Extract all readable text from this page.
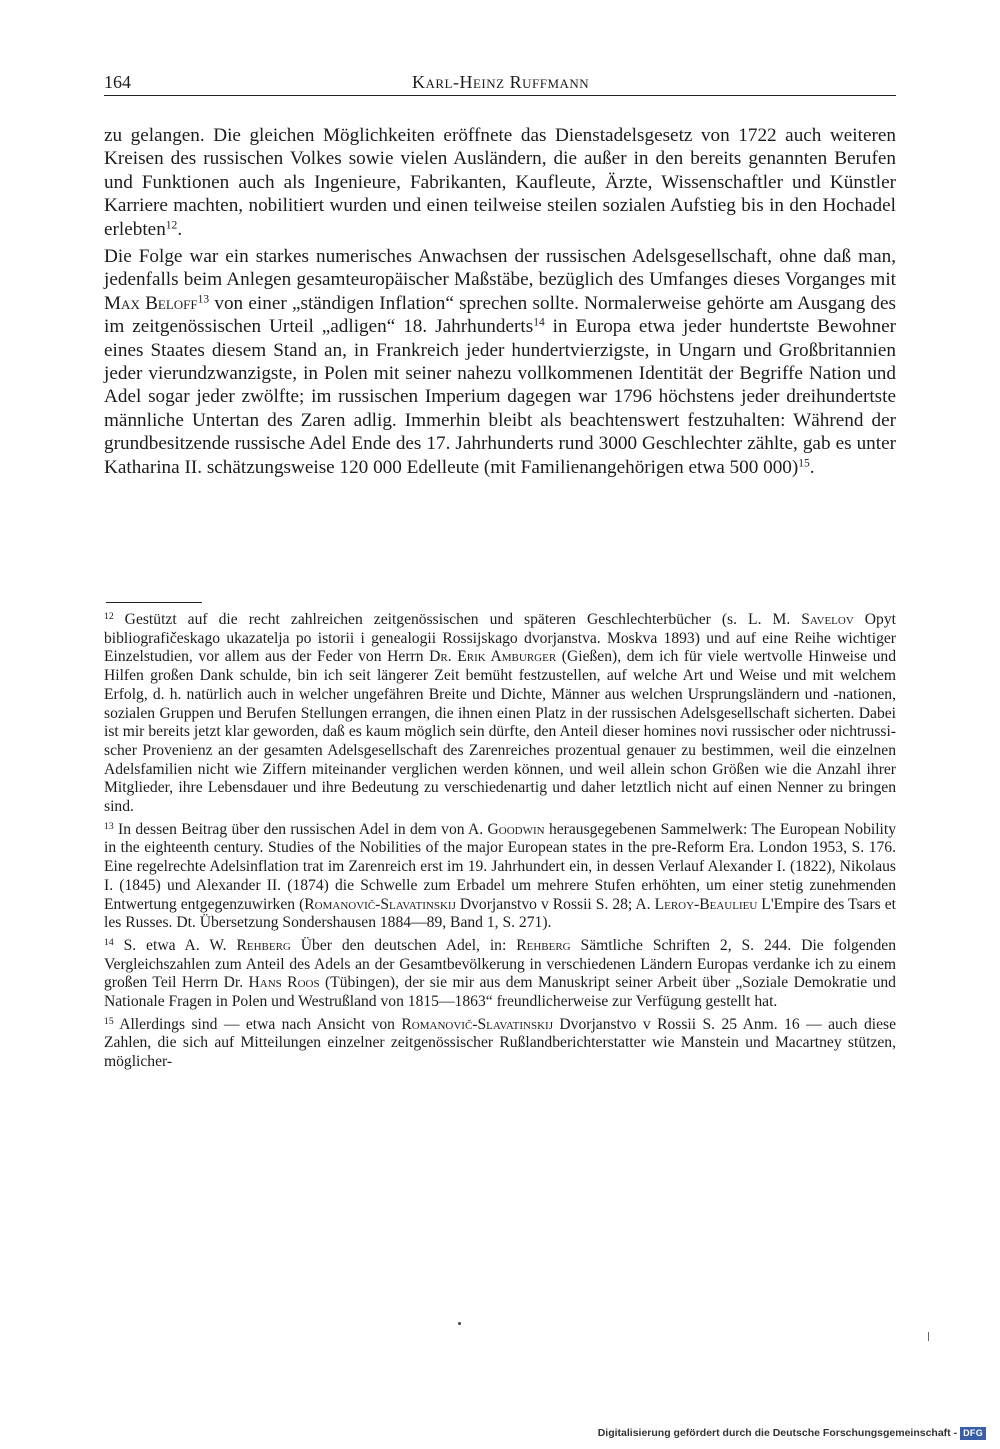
164	Karl-Heinz Ruffmann

zu gelangen. Die gleichen Möglichkeiten eröffnete das Dienstadelsgesetz von 1722 auch weiteren Kreisen des russischen Volkes sowie vielen Ausländern, die außer in den bereits genannten Berufen und Funktionen auch als Ingenieure, Fabrikanten, Kaufleute, Ärzte, Wissenschaftler und Künstler Karriere machten, nobilitiert wurden und einen teilweise steilen sozialen Aufstieg bis in den Hochadel erlebten$^{12}$.

Die Folge war ein starkes numerisches Anwachsen der russischen Adelsgesellschaft, ohne daß man, jedenfalls beim Anlegen gesamteuropäischer Maßstäbe, bezüglich des Umfanges dieses Vorganges mit Max Beloff$^{13}$ von einer „ständigen Inflation“ sprechen sollte. Normalerweise gehörte am Ausgang des im zeitgenössischen Urteil „adligen“ 18. Jahrhunderts$^{14}$ in Europa etwa jeder hundertste Bewohner eines Staates diesem Stand an, in Frankreich jeder hundertvierzigste, in Ungarn und Großbritannien jeder vierundzwanzigste, in Polen mit seiner nahezu vollkommenen Identität der Begriffe Nation und Adel sogar jeder zwölfte; im russischen Imperium dagegen war 1796 höchstens jeder dreihundertste männliche Untertan des Zaren adlig. Immerhin bleibt als beachtenswert festzuhalten: Während der grundbesitzende russische Adel Ende des 17. Jahrhunderts rund 3000 Geschlechter zählte, gab es unter Katharina II. schätzungsweise 120 000 Edelleute (mit Familienangehörigen etwa 500 000)$^{15}$.

$^{12}$ Gestützt auf die recht zahlreichen zeitgenössischen und späteren Geschlechterbücher (s. L. M. Savelov Opyt bibliografičeskago ukazatelja po istorii i genealogii Rossijskago dvorjanstva. Moskva 1893) und auf eine Reihe wichtiger Einzelstudien, vor allem aus der Feder von Herrn Dr. Erik Amburger (Gießen), dem ich für viele wertvolle Hinweise und Hilfen großen Dank schulde, bin ich seit längerer Zeit bemüht festzustellen, auf welche Art und Weise und mit welchem Erfolg, d. h. natürlich auch in welcher ungefähren Breite und Dichte, Männer aus welchen Ursprungsländern und -nationen, sozialen Gruppen und Berufen Stellungen errangen, die ihnen einen Platz in der russischen Adelsgesellschaft sicherten. Dabei ist mir bereits jetzt klar geworden, daß es kaum möglich sein dürfte, den Anteil dieser homines novi russischer oder nichtrussischer Provenienz an der gesamten Adelsgesellschaft des Zarenreiches prozentual genauer zu bestimmen, weil die einzelnen Adelsfamilien nicht wie Ziffern miteinander verglichen werden können, und weil allein schon Größen wie die Anzahl ihrer Mitglieder, ihre Lebensdauer und ihre Bedeutung zu verschiedenartig und daher letztlich nicht auf einen Nenner zu bringen sind.

$^{13}$ In dessen Beitrag über den russischen Adel in dem von A. Goodwin herausgegebenen Sammelwerk: The European Nobility in the eighteenth century. Studies of the Nobilities of the major European states in the pre-Reform Era. London 1953, S. 176. Eine regelrechte Adelsinflation trat im Zarenreich erst im 19. Jahrhundert ein, in dessen Verlauf Alexander I. (1822), Nikolaus I. (1845) und Alexander II. (1874) die Schwelle zum Erbadel um mehrere Stufen erhöhten, um einer stetig zunehmenden Entwertung entgegenzuwirken (Romanovič-Slavatinskij Dvorjanstvo v Rossii S. 28; A. Leroy-Beaulieu L'Empire des Tsars et les Russes. Dt. Übersetzung Sondershausen 1884—89, Band 1, S. 271).

$^{14}$ S. etwa A. W. Rehberg Über den deutschen Adel, in: Rehberg Sämtliche Schriften 2, S. 244. Die folgenden Vergleichszahlen zum Anteil des Adels an der Gesamtbevölkerung in verschiedenen Ländern Europas verdanke ich zu einem großen Teil Herrn Dr. Hans Roos (Tübingen), der sie mir aus dem Manuskript seiner Arbeit über „Soziale Demokratie und Nationale Fragen in Polen und Westrußland von 1815—1863“ freundlicherweise zur Verfügung gestellt hat.

$^{15}$ Allerdings sind — etwa nach Ansicht von Romanovič-Slavatinskij Dvorjanstvo v Rossii S. 25 Anm. 16 — auch diese Zahlen, die sich auf Mitteilungen einzelner zeitgenössischer Rußlandberichterstatter wie Manstein und Macartney stützen, möglicher-

Digitalisierung gefördert durch die Deutsche Forschungsgemeinschaft - DFG
